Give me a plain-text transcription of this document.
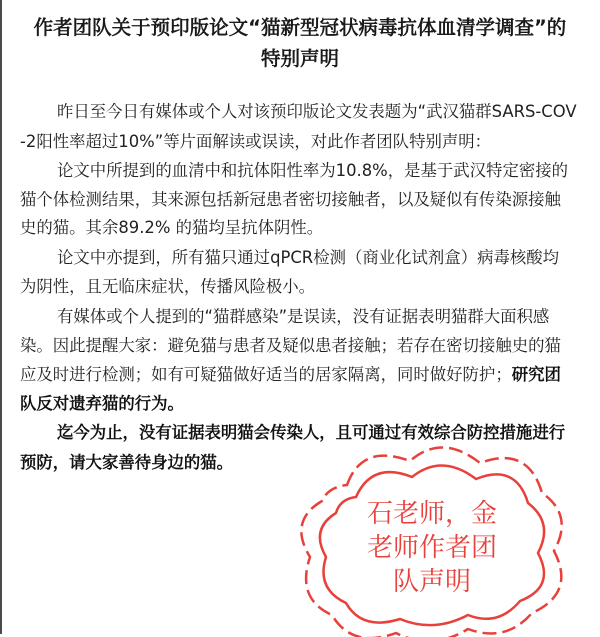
作者团队关于预印版论文“猫新型冠状病毒抗体血清学调查”的
特别声明
昨日至今日有媒体或个人对该预印版论文发表题为“武汉猫群SARS-COV
-2阳性率超过10%”等片面解读或误读，对此作者团队特别声明：
论文中所提到的血清中和抗体阳性率为10.8%，是基于武汉特定密接的
猫个体检测结果，其来源包括新冠患者密切接触者，以及疑似有传染源接触
史的猫。其余89.2% 的猫均呈抗体阴性。
论文中亦提到，所有猫只通过qPCR检测（商业化试剂盒）病毒核酸均
为阴性，且无临床症状，传播风险极小。
有媒体或个人提到的“猫群感染”是误读，没有证据表明猫群大面积感
染。因此提醒大家：避免猫与患者及疑似患者接触；若存在密切接触史的猫
应及时进行检测；如有可疑猫做好适当的居家隔离，同时做好防护；研究团
队反对遗弃猫的行为。
迄今为止，没有证据表明猫会传染人，且可通过有效综合防控措施进行
预防，请大家善待身边的猫。
石老师，金
老师作者团
队声明
